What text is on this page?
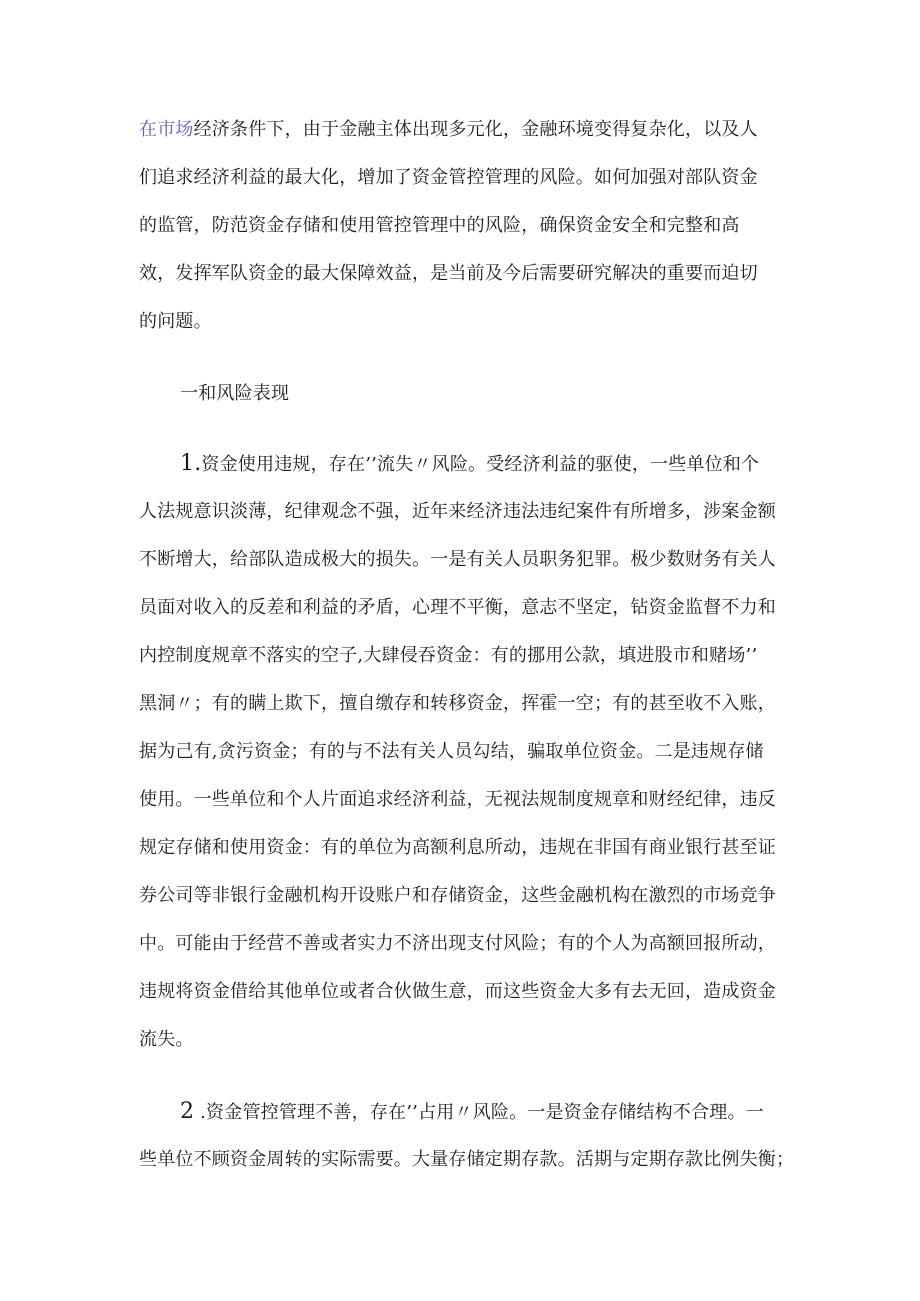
在市场经济条件下，由于金融主体出现多元化，金融环境变得复杂化，以及人
们追求经济利益的最大化，增加了资金管控管理的风险。如何加强对部队资金
的监管，防范资金存储和使用管控管理中的风险，确保资金安全和完整和高
效，发挥军队资金的最大保障效益，是当前及今后需要研究解决的重要而迫切
的问题。
一和风险表现
1.资金使用违规，存在’’流失〃风险。受经济利益的驱使，一些单位和个
人法规意识淡薄，纪律观念不强，近年来经济违法违纪案件有所增多，涉案金额
不断增大，给部队造成极大的损失。一是有关人员职务犯罪。极少数财务有关人
员面对收入的反差和利益的矛盾，心理不平衡，意志不坚定，钻资金监督不力和
内控制度规章不落实的空子,大肆侵吞资金：有的挪用公款，填进股市和赌场’’
黑洞〃；有的瞒上欺下，擅自缴存和转移资金，挥霍一空；有的甚至收不入账，
据为己有,贪污资金；有的与不法有关人员勾结，骗取单位资金。二是违规存储
使用。一些单位和个人片面追求经济利益，无视法规制度规章和财经纪律，违反
规定存储和使用资金：有的单位为高额利息所动，违规在非国有商业银行甚至证
券公司等非银行金融机构开设账户和存储资金，这些金融机构在激烈的市场竞争
中。可能由于经营不善或者实力不济出现支付风险；有的个人为高额回报所动，
违规将资金借给其他单位或者合伙做生意，而这些资金大多有去无回，造成资金
流失。
2 .资金管控管理不善，存在’’占用〃风险。一是资金存储结构不合理。一
些单位不顾资金周转的实际需要。大量存储定期存款。活期与定期存款比例失衡；
